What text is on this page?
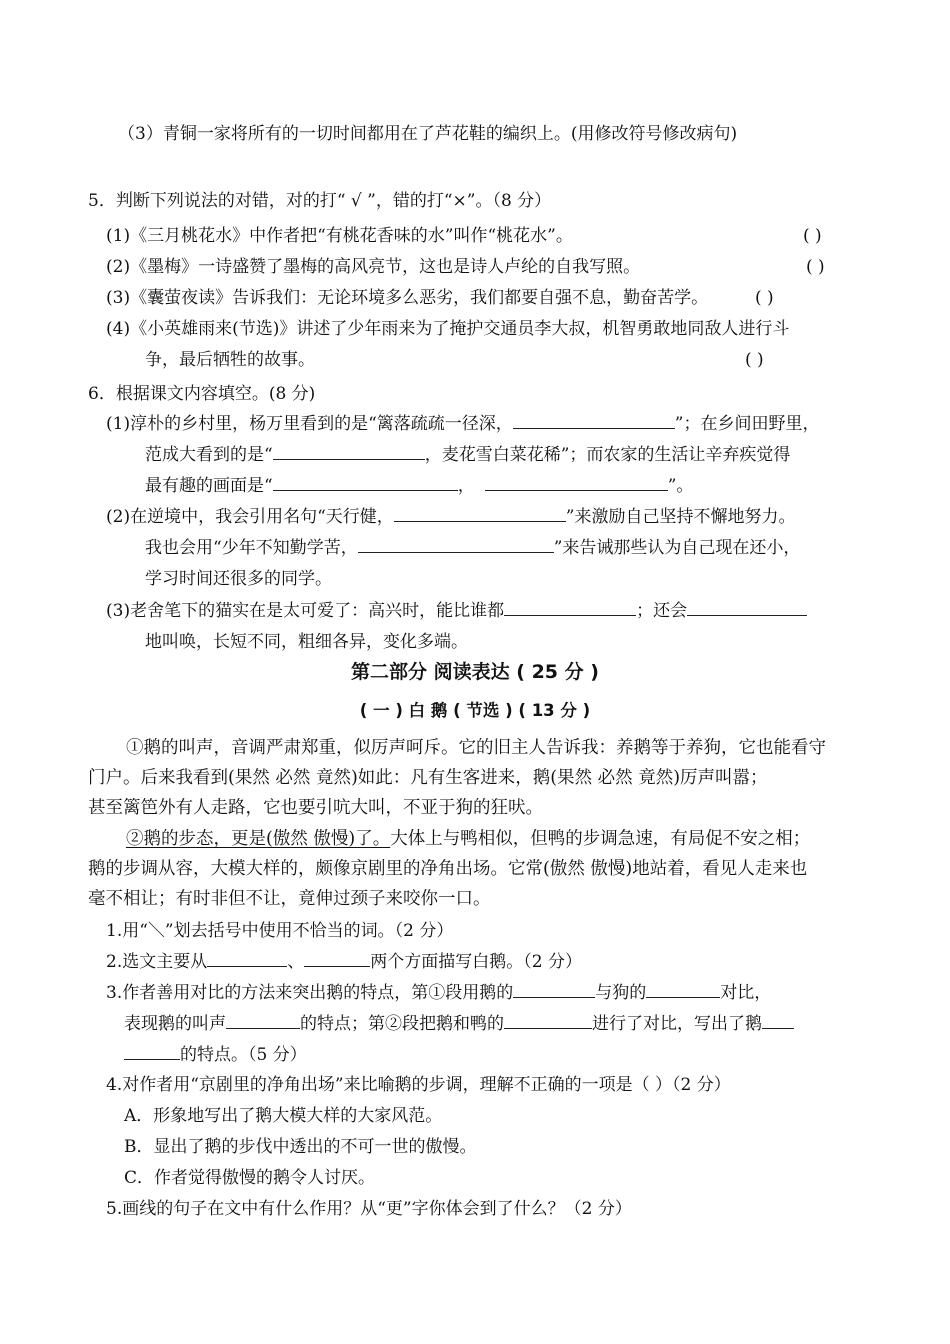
（3）青铜一家将所有的一切时间都用在了芦花鞋的编织上。(用修改符号修改病句)
5．判断下列说法的对错，对的打“ √ ”，错的打“×”。（8 分）
(1)《三月桃花水》中作者把“有桃花香味的水”叫作“桃花水”。	( )
(2)《墨梅》一诗盛赞了墨梅的高风亮节，这也是诗人卢纶的自我写照。	( )
(3)《囊萤夜读》告诉我们：无论环境多么恶劣，我们都要自强不息，勤奋苦学。	( )
(4)《小英雄雨来(节选)》讲述了少年雨来为了掩护交通员李大叔，机智勇敢地同敌人进行斗
争，最后牺牲的故事。	( )
6．根据课文内容填空。(8 分)
(1)淳朴的乡村里，杨万里看到的是“篱落疏疏一径深，	”；在乡间田野里，
范成大看到的是“	，麦花雪白菜花稀”；而农家的生活让辛弃疾觉得
最有趣的画面是“	，	”。
(2)在逆境中，我会引用名句“天行健，	”来激励自己坚持不懈地努力。
我也会用“少年不知勤学苦，	”来告诫那些认为自己现在还小，
学习时间还很多的同学。
(3)老舍笔下的猫实在是太可爱了：高兴时，能比谁都	；还会
地叫唤，长短不同，粗细各异，变化多端。
第二部分 阅读表达 ( 25 分 )
( 一 ) 白 鹅 ( 节选 ) ( 13 分 )
①鹅的叫声，音调严肃郑重，似厉声呵斥。它的旧主人告诉我：养鹅等于养狗，它也能看守
门户。后来我看到(果然 必然 竟然)如此：凡有生客进来，鹅(果然 必然 竟然)厉声叫嚣；
甚至篱笆外有人走路，它也要引吭大叫，不亚于狗的狂吠。
②鹅的步态，更是(傲然 傲慢)了。大体上与鸭相似，但鸭的步调急速，有局促不安之相；
鹅的步调从容，大模大样的，颇像京剧里的净角出场。它常(傲然 傲慢)地站着，看见人走来也
毫不相让；有时非但不让，竟伸过颈子来咬你一口。
1.用“＼”划去括号中使用不恰当的词。（2 分）
2.选文主要从	、	两个方面描写白鹅。（2 分）
3.作者善用对比的方法来突出鹅的特点，第①段用鹅的	与狗的	对比，
表现鹅的叫声	的特点；第②段把鹅和鸭的	进行了对比，写出了鹅
的特点。（5 分）
4.对作者用“京剧里的净角出场”来比喻鹅的步调，理解不正确的一项是（ ）（2 分）
A．形象地写出了鹅大模大样的大家风范。
B．显出了鹅的步伐中透出的不可一世的傲慢。
C．作者觉得傲慢的鹅令人讨厌。
5.画线的句子在文中有什么作用？从“更”字你体会到了什么？（2 分）
